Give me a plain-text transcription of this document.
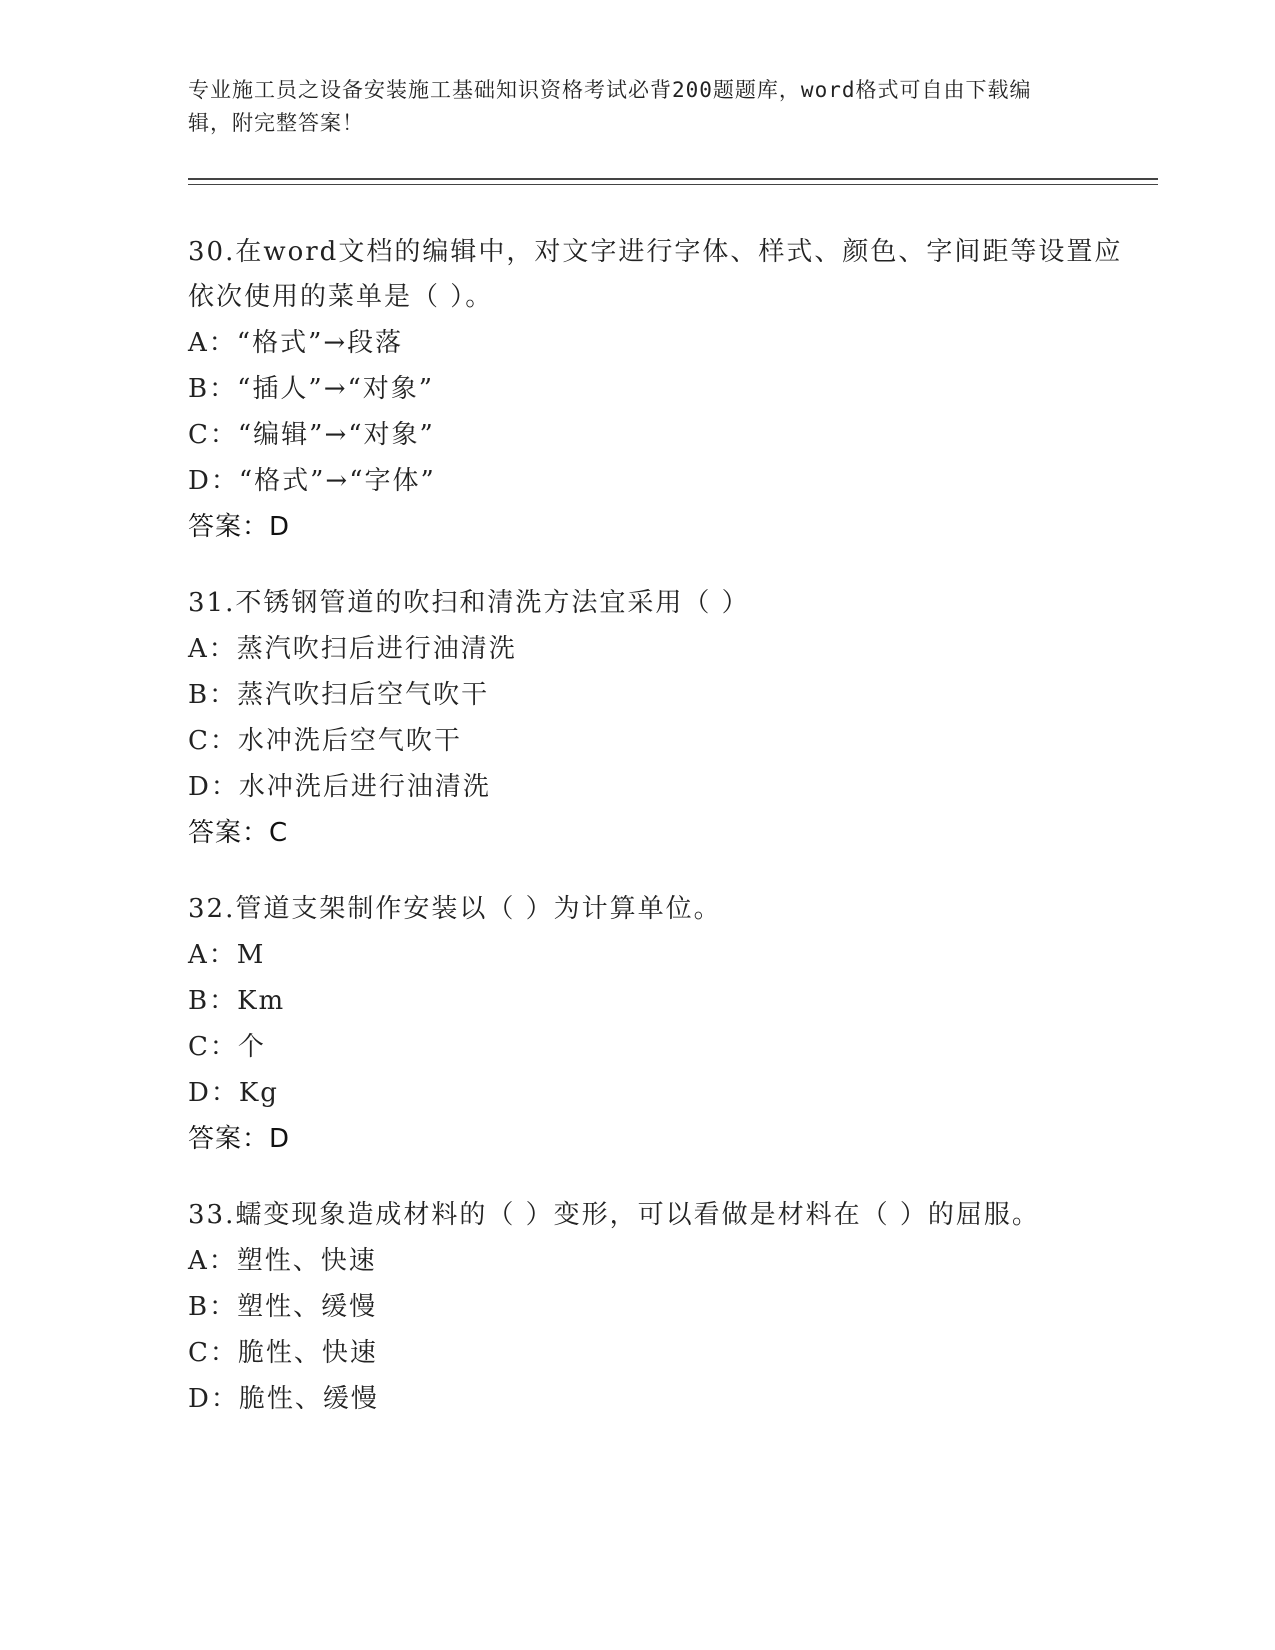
专业施工员之设备安装施工基础知识资格考试必背200题题库，word格式可自由下载编辑，附完整答案！
30.在word文档的编辑中，对文字进行字体、样式、颜色、字间距等设置应依次使用的菜单是（ ）。
A：“格式”→段落
B：“插人”→“对象”
C：“编辑”→“对象”
D：“格式”→“字体”
答案：D
31.不锈钢管道的吹扫和清洗方法宜采用（ ）
A：蒸汽吹扫后进行油清洗
B：蒸汽吹扫后空气吹干
C：水冲洗后空气吹干
D：水冲洗后进行油清洗
答案：C
32.管道支架制作安装以（ ）为计算单位。
A：M
B：Km
C：个
D：Kg
答案：D
33.蠕变现象造成材料的（ ）变形，可以看做是材料在（ ）的屈服。
A：塑性、快速
B：塑性、缓慢
C：脆性、快速
D：脆性、缓慢
